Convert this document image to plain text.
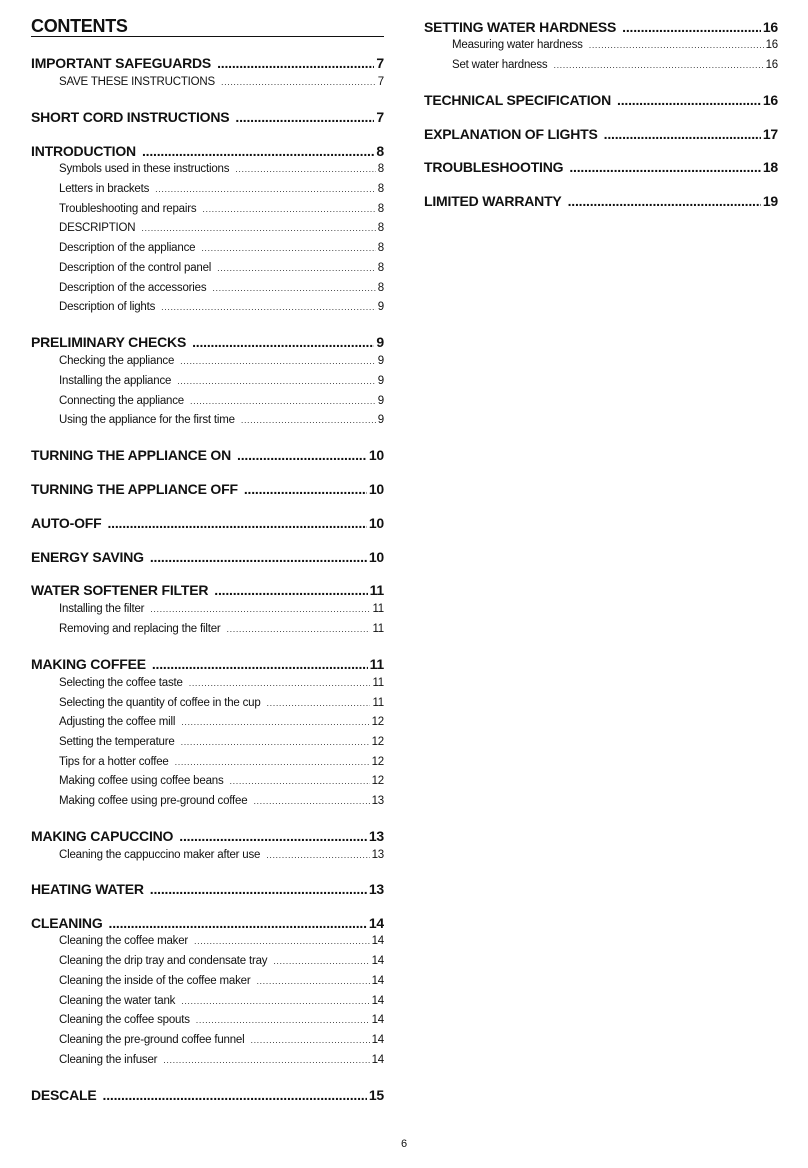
CONTENTS
IMPORTANT SAFEGUARDS .....	7
SAVE THESE INSTRUCTIONS .....	7
SHORT CORD INSTRUCTIONS .....	7
INTRODUCTION .....	8
Symbols used in these instructions .....	8
Letters in brackets .....	8
Troubleshooting and repairs .....	8
DESCRIPTION .....	8
Description of the appliance .....	8
Description of the control panel .....	8
Description of the accessories .....	8
Description of lights .....	9
PRELIMINARY CHECKS .....	9
Checking the appliance .....	9
Installing the appliance .....	9
Connecting the appliance .....	9
Using the appliance for the first time .....	9
TURNING THE APPLIANCE ON .....	10
TURNING THE APPLIANCE OFF .....	10
AUTO-OFF .....	10
ENERGY SAVING .....	10
WATER SOFTENER FILTER .....	11
Installing the filter .....	11
Removing and replacing the filter .....	11
MAKING COFFEE .....	11
Selecting the coffee taste .....	11
Selecting the quantity of coffee in the cup .....	11
Adjusting the coffee mill .....	12
Setting the temperature .....	12
Tips for a hotter coffee .....	12
Making coffee using coffee beans .....	12
Making coffee using pre-ground coffee .....	13
MAKING CAPUCCINO .....	13
Cleaning the cappuccino maker after use .....	13
HEATING WATER .....	13
CLEANING .....	14
Cleaning the coffee maker .....	14
Cleaning the drip tray and condensate tray .....	14
Cleaning the inside of the coffee maker .....	14
Cleaning the water tank .....	14
Cleaning the coffee spouts .....	14
Cleaning the pre-ground coffee funnel .....	14
Cleaning the infuser .....	14
DESCALE .....	15
SETTING WATER HARDNESS .....	16
Measuring water hardness .....	16
Set water hardness .....	16
TECHNICAL SPECIFICATION .....	16
EXPLANATION OF LIGHTS .....	17
TROUBLESHOOTING .....	18
LIMITED WARRANTY .....	19
6
